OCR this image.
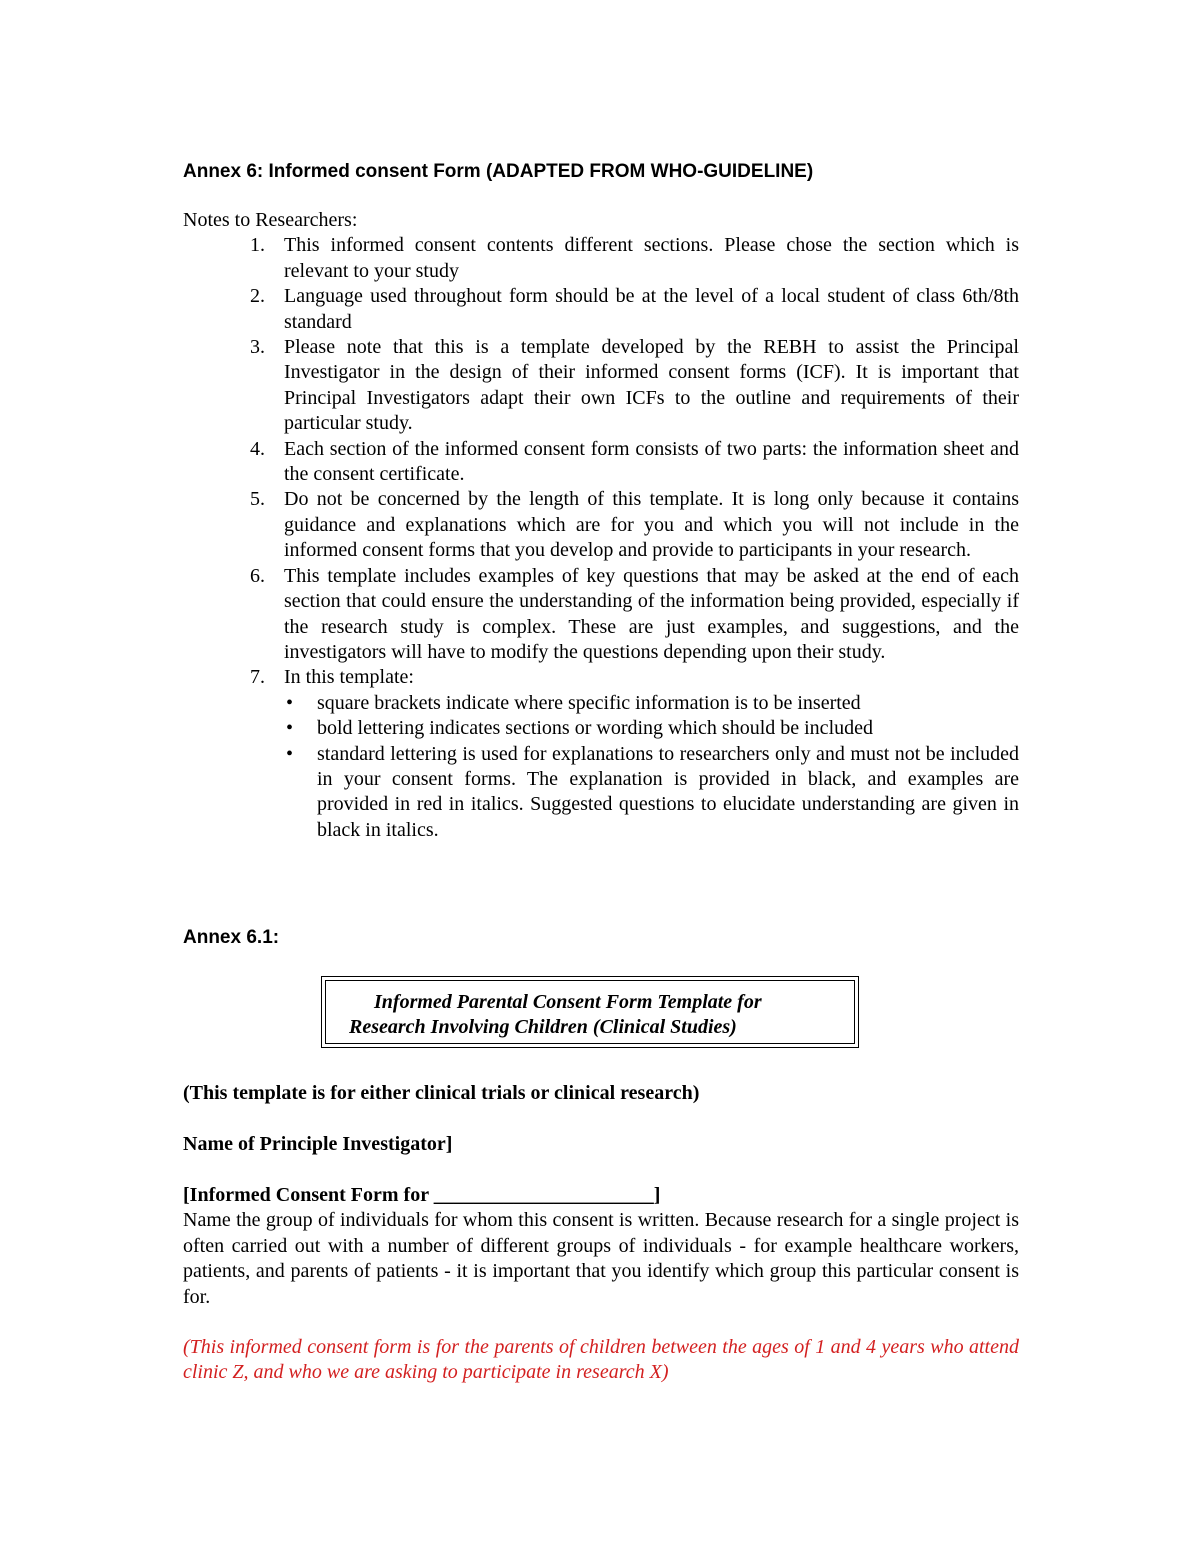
Annex 6: Informed consent Form (ADAPTED FROM WHO-GUIDELINE)

Notes to Researchers:

1. This informed consent contents different sections. Please chose the section which is relevant to your study
2. Language used throughout form should be at the level of a local student of class 6th/8th standard
3. Please note that this is a template developed by the REBH to assist the Principal Investigator in the design of their informed consent forms (ICF). It is important that Principal Investigators adapt their own ICFs to the outline and requirements of their particular study.
4. Each section of the informed consent form consists of two parts: the information sheet and the consent certificate.
5. Do not be concerned by the length of this template. It is long only because it contains guidance and explanations which are for you and which you will not include in the informed consent forms that you develop and provide to participants in your research.
6. This template includes examples of key questions that may be asked at the end of each section that could ensure the understanding of the information being provided, especially if the research study is complex. These are just examples, and suggestions, and the investigators will have to modify the questions depending upon their study.
7. In this template:
• square brackets indicate where specific information is to be inserted
• bold lettering indicates sections or wording which should be included
• standard lettering is used for explanations to researchers only and must not be included in your consent forms. The explanation is provided in black, and examples are provided in red in italics. Suggested questions to elucidate understanding are given in black in italics.
Annex 6.1:
Informed Parental Consent Form Template for
Research Involving Children (Clinical Studies)
(This template is for either clinical trials or clinical research)
Name of Principle Investigator]
[Informed Consent Form for ______________________]
Name the group of individuals for whom this consent is written. Because research for a single project is often carried out with a number of different groups of individuals - for example healthcare workers, patients, and parents of patients - it is important that you identify which group this particular consent is for.
(This informed consent form is for the parents of children between the ages of 1 and 4 years who attend clinic Z, and who we are asking to participate in research X)
